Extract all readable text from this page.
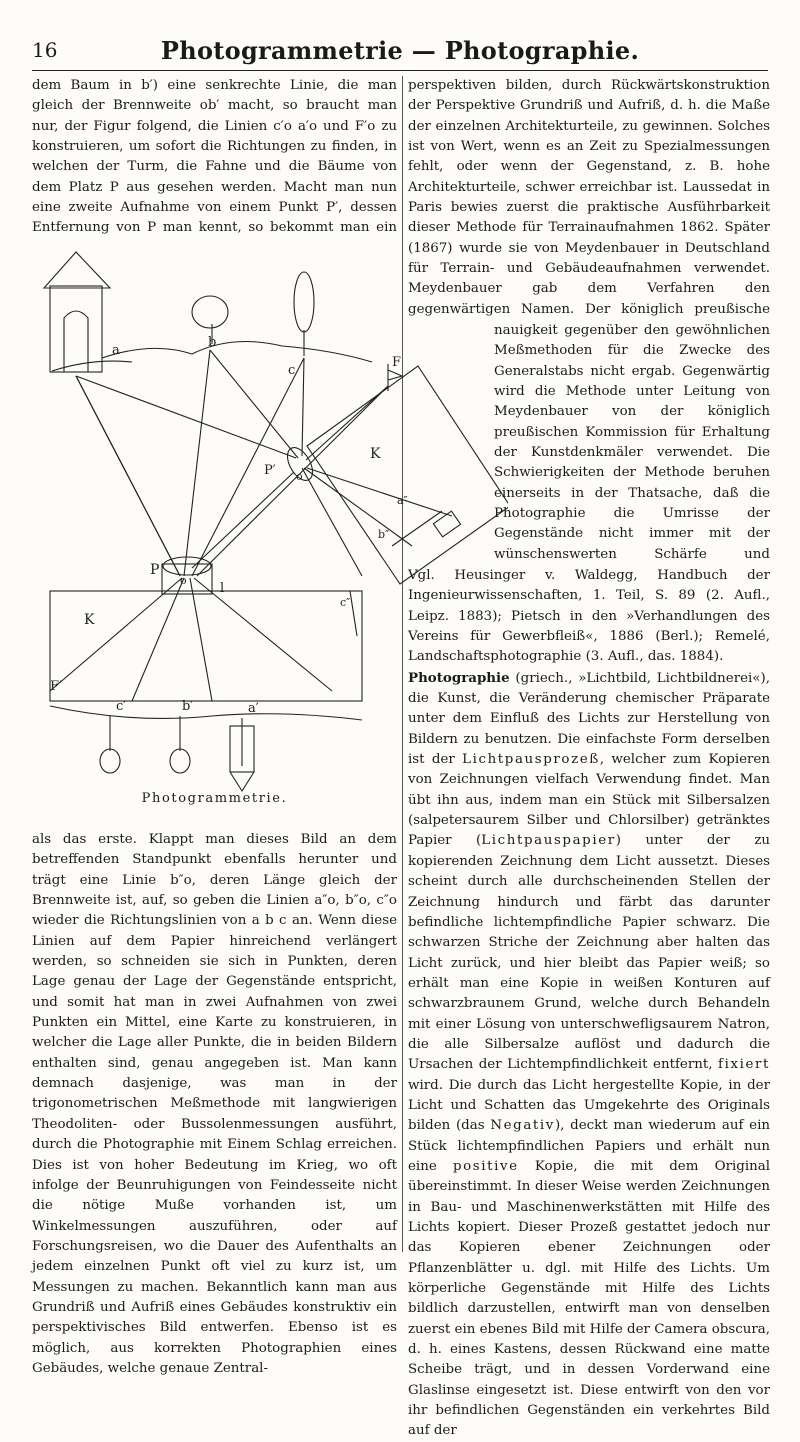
16	Photogrammetrie — Photographie.

dem Baum in b′) eine senkrechte Linie, die man gleich der Brennweite ob′ macht, so braucht man nur, der Figur folgend, die Linien c′o a′o und F′o zu konstruieren, um sofort die Richtungen zu finden, in welchen der Turm, die Fahne und die Bäume von dem Platz P aus gesehen werden. Macht man nun eine zweite Aufnahme von einem Punkt P′, dessen Entfernung von P man kennt, so bekommt man ein

als das erste. Klappt man dieses Bild an dem betreffenden Standpunkt ebenfalls herunter und trägt eine Linie b″o, deren Länge gleich der Brennweite ist, auf, so geben die Linien a″o, b″o, c″o wieder die Richtungslinien von a b c an. Wenn diese Linien auf dem Papier hinreichend verlängert werden, so schneiden sie sich in Punkten, deren Lage genau der Lage der Gegenstände entspricht, und somit hat man in zwei Aufnahmen von zwei Punkten ein Mittel, eine Karte zu konstruieren, in welcher die Lage aller Punkte, die in beiden Bildern enthalten sind, genau angegeben ist. Man kann demnach dasjenige, was man in der trigonometrischen Meßmethode mit langwierigen Theodoliten- oder Bussolenmessungen ausführt, durch die Photographie mit Einem Schlag erreichen. Dies ist von hoher Bedeutung im Krieg, wo oft infolge der Beunruhigungen von Feindesseite nicht die nötige Muße vorhanden ist, um Winkelmessungen auszuführen, oder auf Forschungsreisen, wo die Dauer des Aufenthalts an jedem einzelnen Punkt oft viel zu kurz ist, um Messungen zu machen. Bekanntlich kann man aus Grundriß und Aufriß eines Gebäudes konstruktiv ein perspektivisches Bild entwerfen. Ebenso ist es möglich, aus korrekten Photographien eines Gebäudes, welche genaue Zentral-

a
b
c
F
K
P
o
l
P′ o
K
F′
c′	b′	a′
a″
b″
c″
Photogrammetrie.

perspektiven bilden, durch Rückwärtskonstruktion der Perspektive Grundriß und Aufriß, d. h. die Maße der einzelnen Architekturteile, zu gewinnen. Solches ist von Wert, wenn es an Zeit zu Spezialmessungen fehlt, oder wenn der Gegenstand, z. B. hohe Architekturteile, schwer erreichbar ist. Laussedat in Paris bewies zuerst die praktische Ausführbarkeit dieser Methode für Terrainaufnahmen 1862. Später (1867) wurde sie von Meydenbauer in Deutschland für Terrain- und Gebäudeaufnahmen verwendet. Meydenbauer gab dem Verfahren den gegenwärtigen Namen. Der königlich preußische

nauigkeit gegenüber den gewöhnlichen Meßmethoden für die Zwecke des Generalstabs nicht ergab. Gegenwärtig wird die Methode unter Leitung von Meydenbauer von der königlich preußischen Kommission für Erhaltung der Kunstdenkmäler verwendet. Die Schwierigkeiten der Methode beruhen einerseits in der Thatsache, daß die Photographie die Umrisse der Gegenstände nicht immer mit der wünschenswerten Schärfe und

Vgl. Heusinger v. Waldegg, Handbuch der Ingenieurwissenschaften, 1. Teil, S. 89 (2. Aufl., Leipz. 1883); Pietsch in den »Verhandlungen des Vereins für Gewerbfleiß«, 1886 (Berl.); Remelé, Landschaftsphotographie (3. Aufl., das. 1884).

Photographie (griech., »Lichtbild, Lichtbildnerei«), die Kunst, die Veränderung chemischer Präparate unter dem Einfluß des Lichts zur Herstellung von Bildern zu benutzen. Die einfachste Form derselben ist der Lichtpausprozeß, welcher zum Kopieren von Zeichnungen vielfach Verwendung findet. Man übt ihn aus, indem man ein Stück mit Silbersalzen (salpetersaurem Silber und Chlorsilber) getränktes Papier (Lichtpauspapier) unter der zu kopierenden Zeichnung dem Licht aussetzt. Dieses scheint durch alle durchscheinenden Stellen der Zeichnung hindurch und färbt das darunter befindliche lichtempfindliche Papier schwarz. Die schwarzen Striche der Zeichnung aber halten das Licht zurück, und hier bleibt das Papier weiß; so erhält man eine Kopie in weißen Konturen auf schwarzbraunem Grund, welche durch Behandeln mit einer Lösung von unterschwefligsaurem Natron, die alle Silbersalze auflöst und dadurch die Ursachen der Lichtempfindlichkeit entfernt, fixiert wird. Die durch das Licht hergestellte Kopie, in der Licht und Schatten das Umgekehrte des Originals bilden (das Negativ), deckt man wiederum auf ein Stück lichtempfindlichen Papiers und erhält nun eine positive Kopie, die mit dem Original übereinstimmt. In dieser Weise werden Zeichnungen in Bau- und Maschinenwerkstätten mit Hilfe des Lichts kopiert. Dieser Prozeß gestattet jedoch nur das Kopieren ebener Zeichnungen oder Pflanzenblätter u. dgl. mit Hilfe des Lichts. Um körperliche Gegenstände mit Hilfe des Lichts bildlich darzustellen, entwirft man von denselben zuerst ein ebenes Bild mit Hilfe der Camera obscura, d. h. eines Kastens, dessen Rückwand eine matte Scheibe trägt, und in dessen Vorderwand eine Glaslinse eingesetzt ist. Diese entwirft von den vor ihr befindlichen Gegenständen ein verkehrtes Bild auf der
